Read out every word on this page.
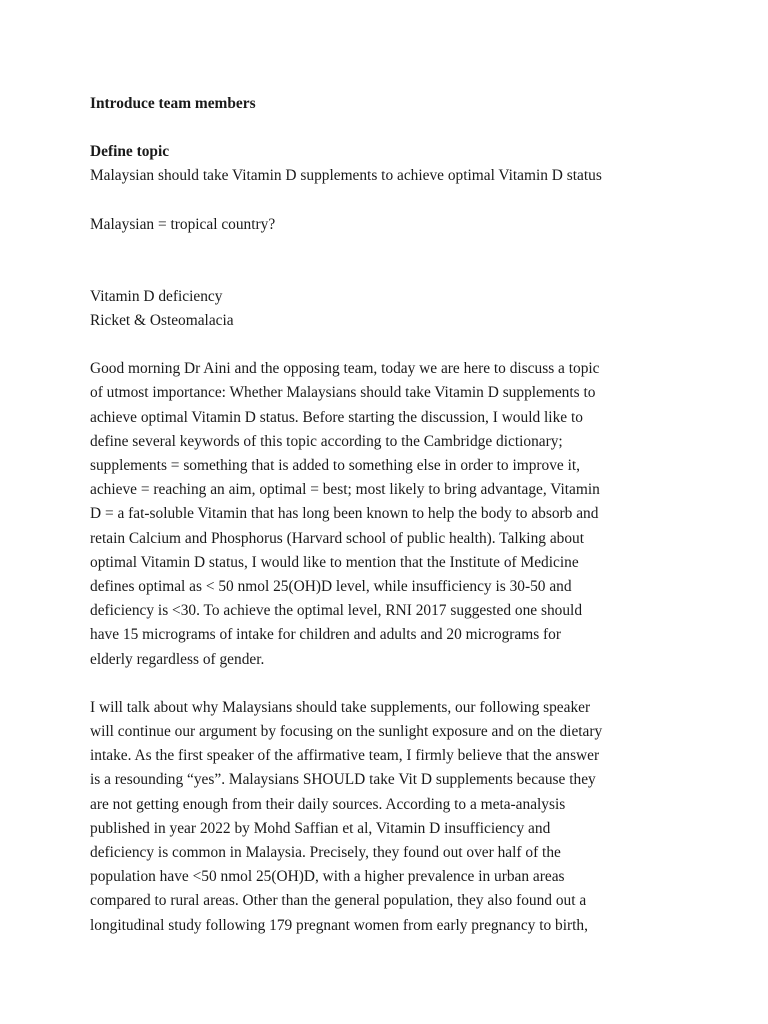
Introduce team members

Define topic

Malaysian should take Vitamin D supplements to achieve optimal Vitamin D status

Malaysian = tropical country?

Vitamin D deficiency

Ricket & Osteomalacia

Good morning Dr Aini and the opposing team, today we are here to discuss a topic

of utmost importance: Whether Malaysians should take Vitamin D supplements to

achieve optimal Vitamin D status. Before starting the discussion, I would like to

define several keywords of this topic according to the Cambridge dictionary;

supplements = something that is added to something else in order to improve it,

achieve = reaching an aim, optimal = best; most likely to bring advantage, Vitamin

D = a fat-soluble Vitamin that has long been known to help the body to absorb and

retain Calcium and Phosphorus (Harvard school of public health). Talking about

optimal Vitamin D status, I would like to mention that the Institute of Medicine

defines optimal as < 50 nmol 25(OH)D level, while insufficiency is 30-50 and

deficiency is <30. To achieve the optimal level, RNI 2017 suggested one should

have 15 micrograms of intake for children and adults and 20 micrograms for

elderly regardless of gender.

I will talk about why Malaysians should take supplements, our following speaker

will continue our argument by focusing on the sunlight exposure and on the dietary

intake. As the first speaker of the affirmative team, I firmly believe that the answer

is a resounding “yes”. Malaysians SHOULD take Vit D supplements because they

are not getting enough from their daily sources. According to a meta-analysis

published in year 2022 by Mohd Saffian et al, Vitamin D insufficiency and

deficiency is common in Malaysia. Precisely, they found out over half of the

population have <50 nmol 25(OH)D, with a higher prevalence in urban areas

compared to rural areas. Other than the general population, they also found out a

longitudinal study following 179 pregnant women from early pregnancy to birth,
